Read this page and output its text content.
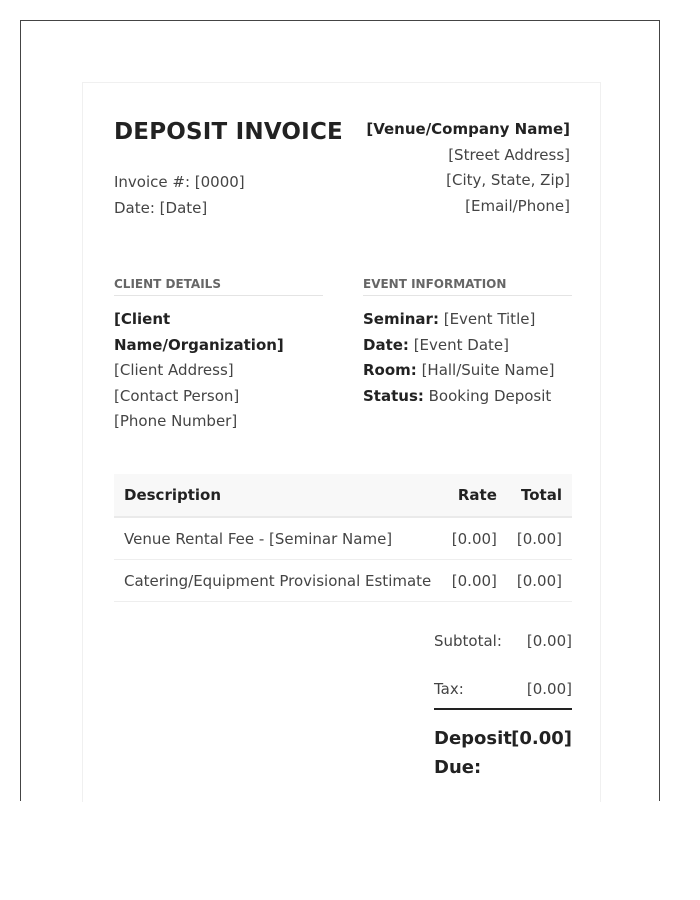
DEPOSIT INVOICE
Invoice #: [0000]
Date: [Date]
[Venue/Company Name]
[Street Address]
[City, State, Zip]
[Email/Phone]
CLIENT DETAILS	EVENT INFORMATION
[Client Name/Organization]
[Client Address]
[Contact Person]
[Phone Number]
Seminar: [Event Title]
Date: [Event Date]
Room: [Hall/Suite Name]
Status: Booking Deposit
Description	Rate	Total
Venue Rental Fee - [Seminar Name]	[0.00]	[0.00]
Catering/Equipment Provisional Estimate	[0.00]	[0.00]
Subtotal: [0.00]
Tax:	[0.00]
Deposit Due:
[0.00]
